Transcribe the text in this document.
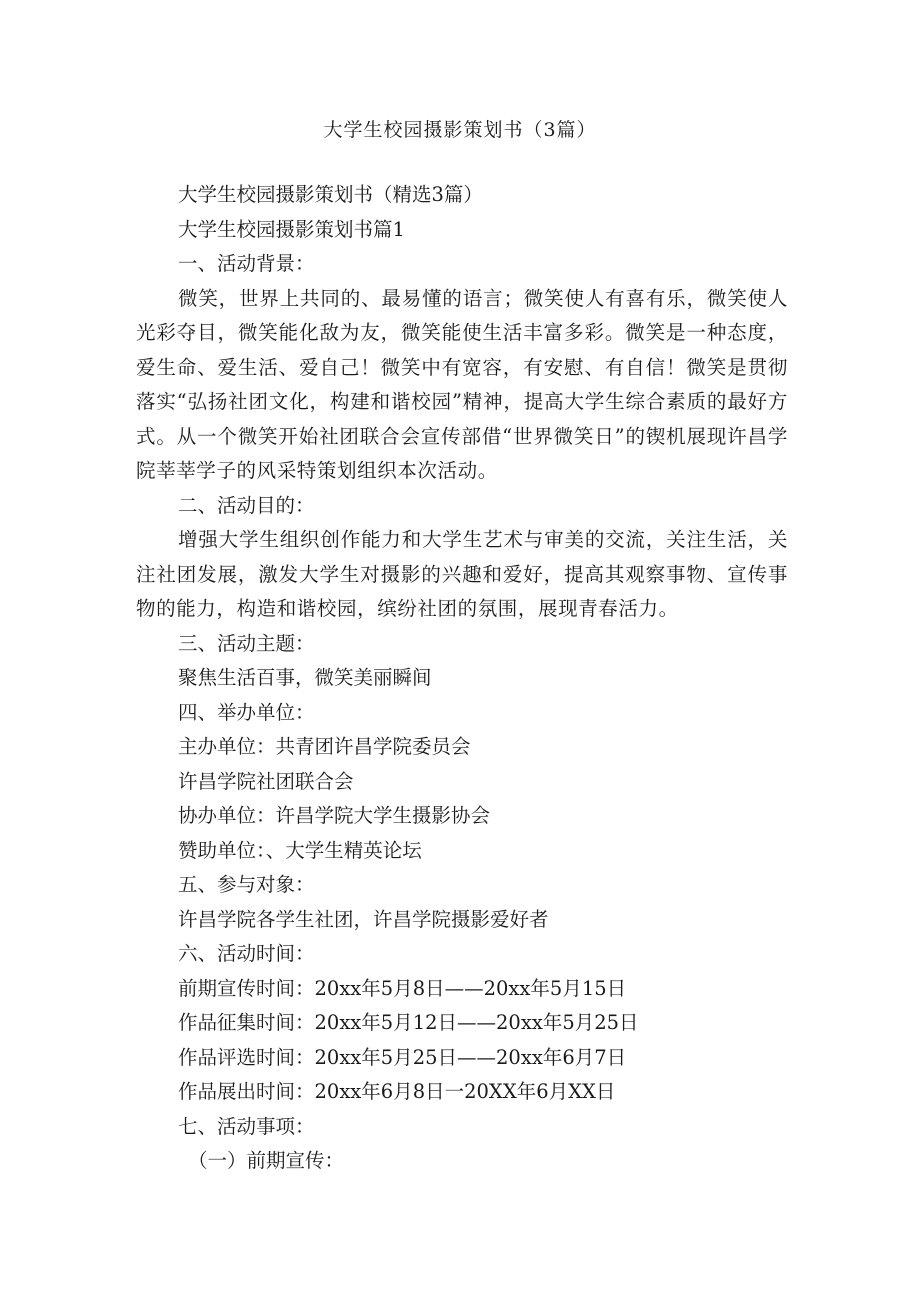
大学生校园摄影策划书（3篇）

大学生校园摄影策划书（精选3篇）

大学生校园摄影策划书篇1

一、活动背景：

微笑，世界上共同的、最易懂的语言；微笑使人有喜有乐，微笑使人光彩夺目，微笑能化敌为友，微笑能使生活丰富多彩。微笑是一种态度，爱生命、爱生活、爱自己！微笑中有宽容，有安慰、有自信！微笑是贯彻落实“弘扬社团文化，构建和谐校园”精神，提高大学生综合素质的最好方式。从一个微笑开始社团联合会宣传部借“世界微笑日”的锲机展现许昌学院莘莘学子的风采特策划组织本次活动。

二、活动目的：

增强大学生组织创作能力和大学生艺术与审美的交流，关注生活，关注社团发展，激发大学生对摄影的兴趣和爱好，提高其观察事物、宣传事物的能力，构造和谐校园，缤纷社团的氛围，展现青春活力。

三、活动主题：

聚焦生活百事，微笑美丽瞬间

四、举办单位：

主办单位：共青团许昌学院委员会

许昌学院社团联合会

协办单位：许昌学院大学生摄影协会

赞助单位：、大学生精英论坛

五、参与对象：

许昌学院各学生社团，许昌学院摄影爱好者

六、活动时间：

前期宣传时间：20xx年5月8日——20xx年5月15日

作品征集时间：20xx年5月12日——20xx年5月25日

作品评选时间：20xx年5月25日——20xx年6月7日

作品展出时间：20xx年6月8日一20XX年6月XX日

七、活动事项：

（一）前期宣传：
